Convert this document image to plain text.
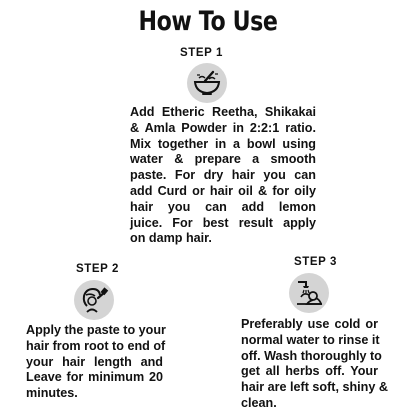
How To Use
STEP 1
Add Etheric Reetha, Shikakai
& Amla Powder in 2:2:1 ratio.
Mix together in a bowl using
water & prepare a smooth
paste. For dry hair you can
add Curd or hair oil & for oily
hair you can add lemon
juice. For best result apply
on damp hair.
STEP 2
Apply the paste to your
hair from root to end of
your hair length and
Leave for minimum 20
minutes.
STEP 3
Preferably use cold or
normal water to rinse it
off. Wash thoroughly to
get all herbs off. Your
hair are left soft, shiny &
clean.
